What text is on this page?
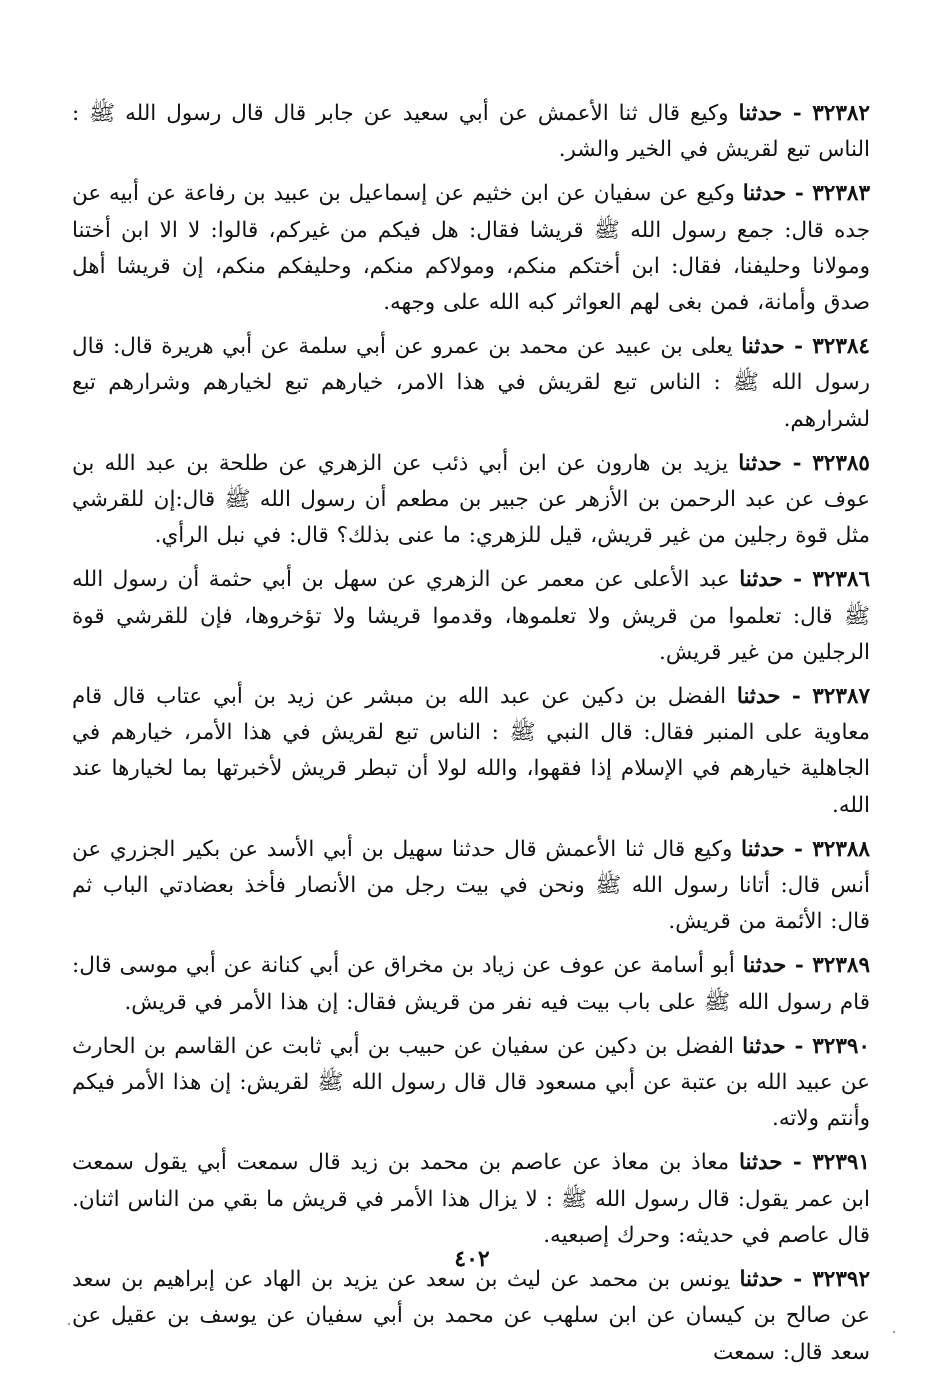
٣٢٣٨٢ - حدثنا وكيع قال ثنا الأعمش عن أبي سعيد عن جابر قال قال رسول الله ﷺ : الناس تبع لقريش في الخير والشر.

٣٢٣٨٣ - حدثنا وكيع عن سفيان عن ابن خثيم عن إسماعيل بن عبيد بن رفاعة عن أبيه عن جده قال: جمع رسول الله ﷺ قريشا فقال: هل فيكم من غيركم، قالوا: لا الا ابن أختنا ومولانا وحليفنا، فقال: ابن أختكم منكم، ومولاكم منكم، وحليفكم منكم، إن قريشا أهل صدق وأمانة، فمن بغى لهم العواثر كبه الله على وجهه.

٣٢٣٨٤ - حدثنا يعلى بن عبيد عن محمد بن عمرو عن أبي سلمة عن أبي هريرة قال: قال رسول الله ﷺ : الناس تبع لقريش في هذا الامر، خيارهم تبع لخيارهم وشرارهم تبع لشرارهم.

٣٢٣٨٥ - حدثنا يزيد بن هارون عن ابن أبي ذئب عن الزهري عن طلحة بن عبد الله بن عوف عن عبد الرحمن بن الأزهر عن جبير بن مطعم أن رسول الله ﷺ قال:إن للقرشي مثل قوة رجلين من غير قريش، قيل للزهري: ما عنى بذلك؟ قال: في نبل الرأي.

٣٢٣٨٦ - حدثنا عبد الأعلى عن معمر عن الزهري عن سهل بن أبي حثمة أن رسول الله ﷺ قال: تعلموا من قريش ولا تعلموها، وقدموا قريشا ولا تؤخروها، فإن للقرشي قوة الرجلين من غير قريش.

٣٢٣٨٧ - حدثنا الفضل بن دكين عن عبد الله بن مبشر عن زيد بن أبي عتاب قال قام معاوية على المنبر فقال: قال النبي ﷺ : الناس تبع لقريش في هذا الأمر، خيارهم في الجاهلية خيارهم في الإسلام إذا فقهوا، والله لولا أن تبطر قريش لأخبرتها بما لخيارها عند الله.

٣٢٣٨٨ - حدثنا وكيع قال ثنا الأعمش قال حدثنا سهيل بن أبي الأسد عن بكير الجزري عن أنس قال: أتانا رسول الله ﷺ ونحن في بيت رجل من الأنصار فأخذ بعضادتي الباب ثم قال: الأئمة من قريش.

٣٢٣٨٩ - حدثنا أبو أسامة عن عوف عن زياد بن مخراق عن أبي كنانة عن أبي موسى قال: قام رسول الله ﷺ على باب بيت فيه نفر من قريش فقال: إن هذا الأمر في قريش.

٣٢٣٩٠ - حدثنا الفضل بن دكين عن سفيان عن حبيب بن أبي ثابت عن القاسم بن الحارث عن عبيد الله بن عتبة عن أبي مسعود قال قال رسول الله ﷺ لقريش: إن هذا الأمر فيكم وأنتم ولاته.

٣٢٣٩١ - حدثنا معاذ بن معاذ عن عاصم بن محمد بن زيد قال سمعت أبي يقول سمعت ابن عمر يقول: قال رسول الله ﷺ : لا يزال هذا الأمر في قريش ما بقي من الناس اثنان. قال عاصم في حديثه: وحرك إصبعيه.

٣٢٣٩٢ - حدثنا يونس بن محمد عن ليث بن سعد عن يزيد بن الهاد عن إبراهيم بن سعد عن صالح بن كيسان عن ابن سلهب عن محمد بن أبي سفيان عن يوسف بن عقيل عن سعد قال: سمعت

٤٠٢
